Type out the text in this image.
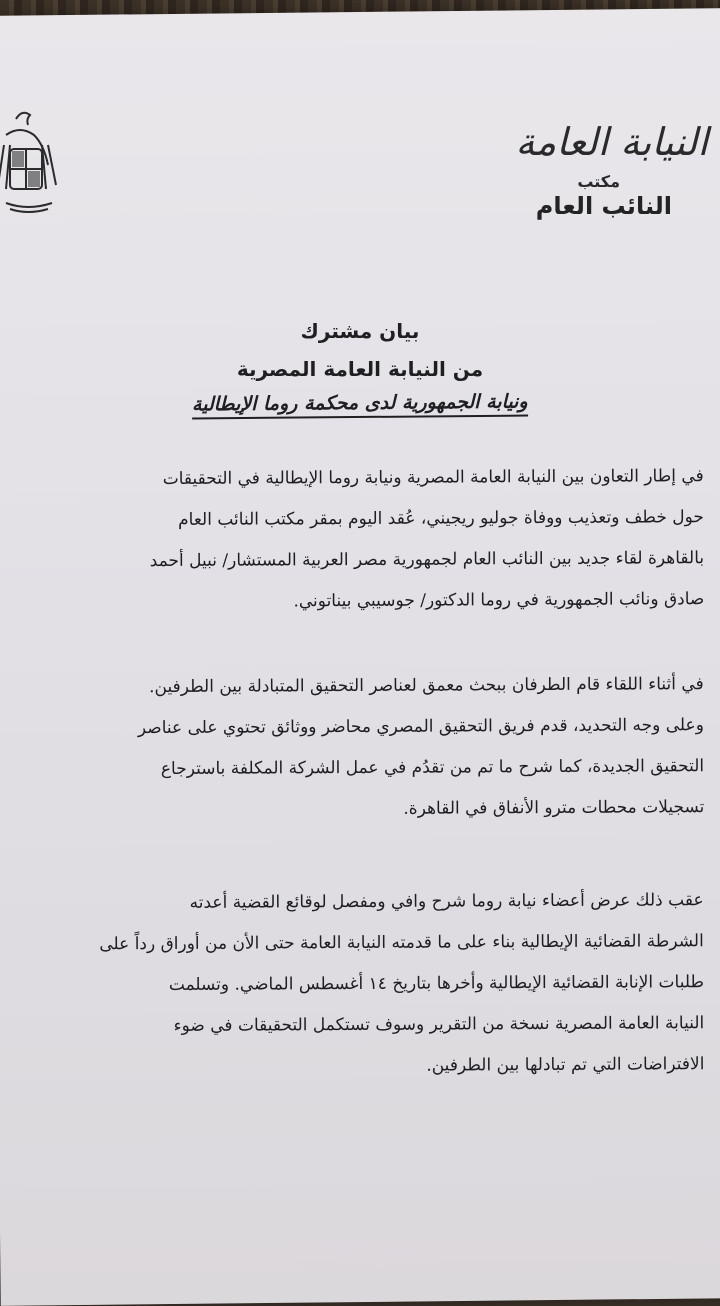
النيابة العامة
مكتب
النائب العام
بيان مشترك
من النيابة العامة المصرية
ونيابة الجمهورية لدى محكمة روما الإيطالية
في إطار التعاون بين النيابة العامة المصرية ونيابة روما الإيطالية في التحقيقات
حول خطف وتعذيب ووفاة جوليو ريجيني، عُقد اليوم بمقر مكتب النائب العام
بالقاهرة لقاء جديد بين النائب العام لجمهورية مصر العربية المستشار/ نبيل أحمد
صادق ونائب الجمهورية في روما الدكتور/ جوسيبي بيناتوني.
في أثناء اللقاء قام الطرفان ببحث معمق لعناصر التحقيق المتبادلة بين الطرفين.
وعلى وجه التحديد، قدم فريق التحقيق المصري محاضر ووثائق تحتوي على عناصر
التحقيق الجديدة، كما شرح ما تم من تقدُم في عمل الشركة المكلفة باسترجاع
تسجيلات محطات مترو الأنفاق في القاهرة.
عقب ذلك عرض أعضاء نيابة روما شرح وافي ومفصل لوقائع القضية أعدته
الشرطة القضائية الإيطالية بناء على ما قدمته النيابة العامة حتى الأن من أوراق رداً على
طلبات الإنابة القضائية الإيطالية وأخرها بتاريخ ١٤ أغسطس الماضي. وتسلمت
النيابة العامة المصرية نسخة من التقرير وسوف تستكمل التحقيقات في ضوء
الافتراضات التي تم تبادلها بين الطرفين.
